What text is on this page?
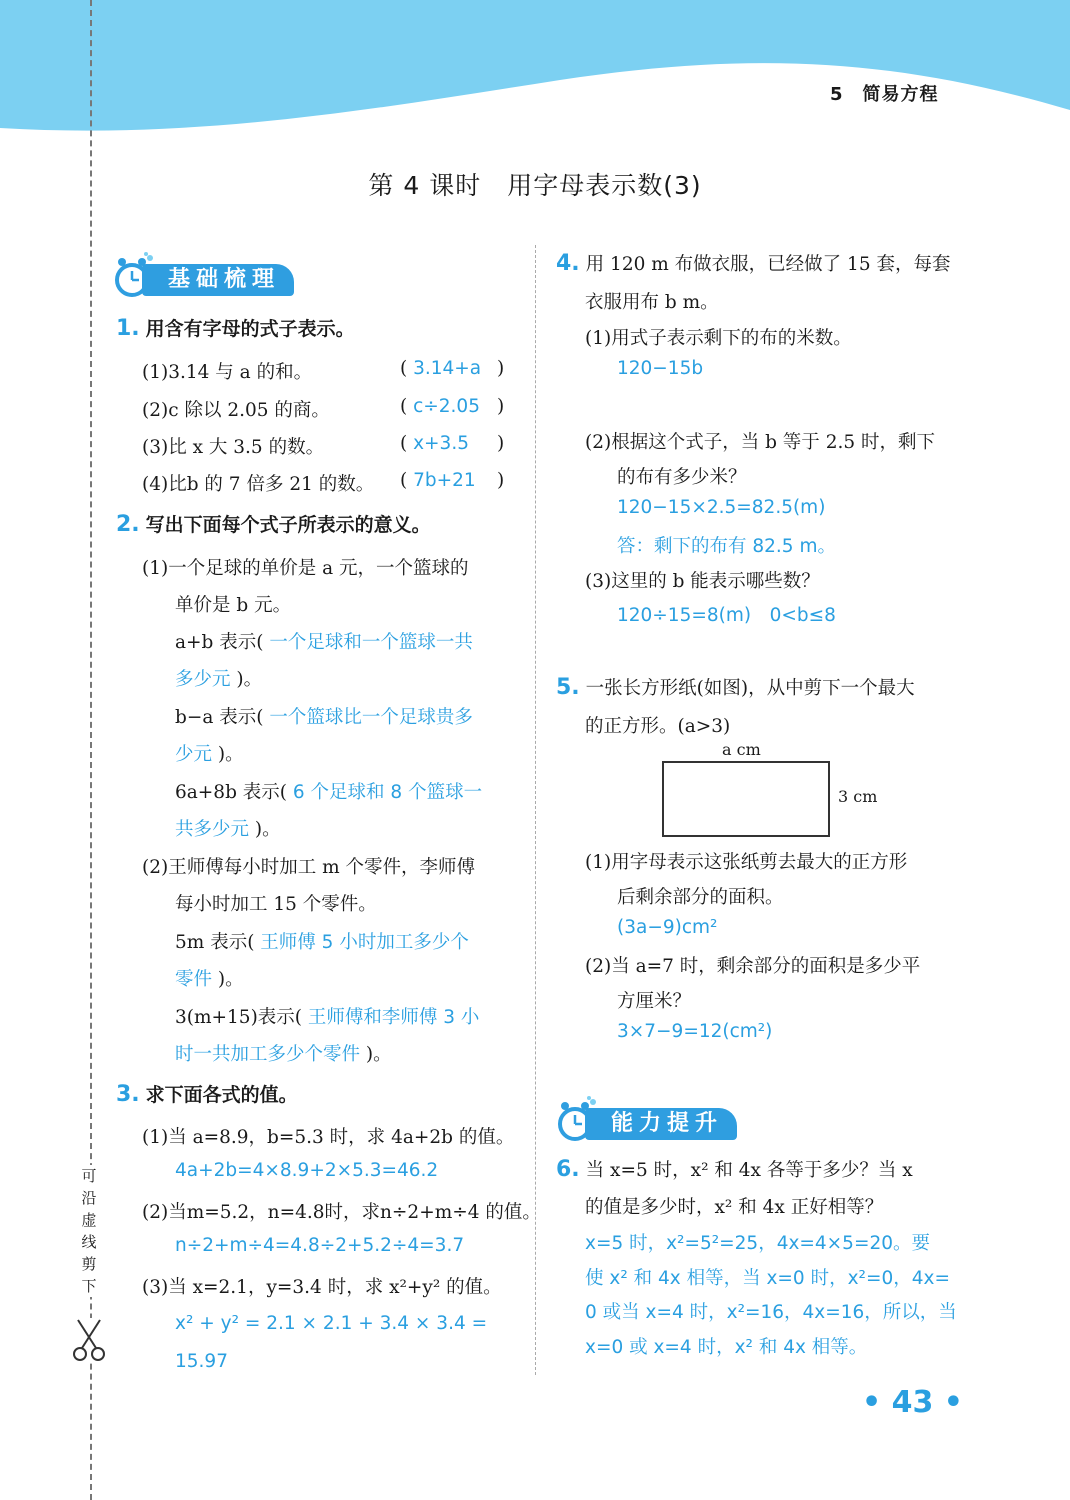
5　简易方程
可
沿
虚
线
剪
下
第 4 课时　用字母表示数(3)
基础梳理
1. 用含有字母的式子表示。
(1)3.14 与 a 的和。	( 3.14+a )
(2)c 除以 2.05 的商。	( c÷2.05 )
(3)比 x 大 3.5 的数。	( x+3.5 )
(4)比b 的 7 倍多 21 的数。 ( 7b+21 )
2. 写出下面每个式子所表示的意义。
(1)一个足球的单价是 a 元，一个篮球的
单价是 b 元。
a+b 表示( 一个足球和一个篮球一共
多少元 )。
b−a 表示( 一个篮球比一个足球贵多
少元 )。
6a+8b 表示( 6 个足球和 8 个篮球一
共多少元 )。
(2)王师傅每小时加工 m 个零件，李师傅
每小时加工 15 个零件。
5m 表示( 王师傅 5 小时加工多少个
零件 )。
3(m+15)表示( 王师傅和李师傅 3 小
时一共加工多少个零件 )。
3. 求下面各式的值。
(1)当 a=8.9，b=5.3 时，求 4a+2b 的值。
4a+2b=4×8.9+2×5.3=46.2
(2)当m=5.2，n=4.8时，求n÷2+m÷4 的值。
n÷2+m÷4=4.8÷2+5.2÷4=3.7
(3)当 x=2.1，y=3.4 时，求 x²+y² 的值。
x² + y² = 2.1 × 2.1 + 3.4 × 3.4 =
15.97
4. 用 120 m 布做衣服，已经做了 15 套，每套
衣服用布 b m。
(1)用式子表示剩下的布的米数。
120−15b
(2)根据这个式子，当 b 等于 2.5 时，剩下
的布有多少米？
120−15×2.5=82.5(m)
答：剩下的布有 82.5 m。
(3)这里的 b 能表示哪些数？
120÷15=8(m)　0<b≤8
5. 一张长方形纸(如图)，从中剪下一个最大
的正方形。(a>3)
a cm
3 cm
(1)用字母表示这张纸剪去最大的正方形
后剩余部分的面积。
(3a−9)cm²
(2)当 a=7 时，剩余部分的面积是多少平
方厘米？
3×7−9=12(cm²)
能力提升
6. 当 x=5 时，x² 和 4x 各等于多少？当 x
的值是多少时，x² 和 4x 正好相等？
x=5 时，x²=5²=25，4x=4×5=20。要
使 x² 和 4x 相等，当 x=0 时，x²=0，4x=
0 或当 x=4 时，x²=16，4x=16，所以，当
x=0 或 x=4 时，x² 和 4x 相等。
• 43 •
